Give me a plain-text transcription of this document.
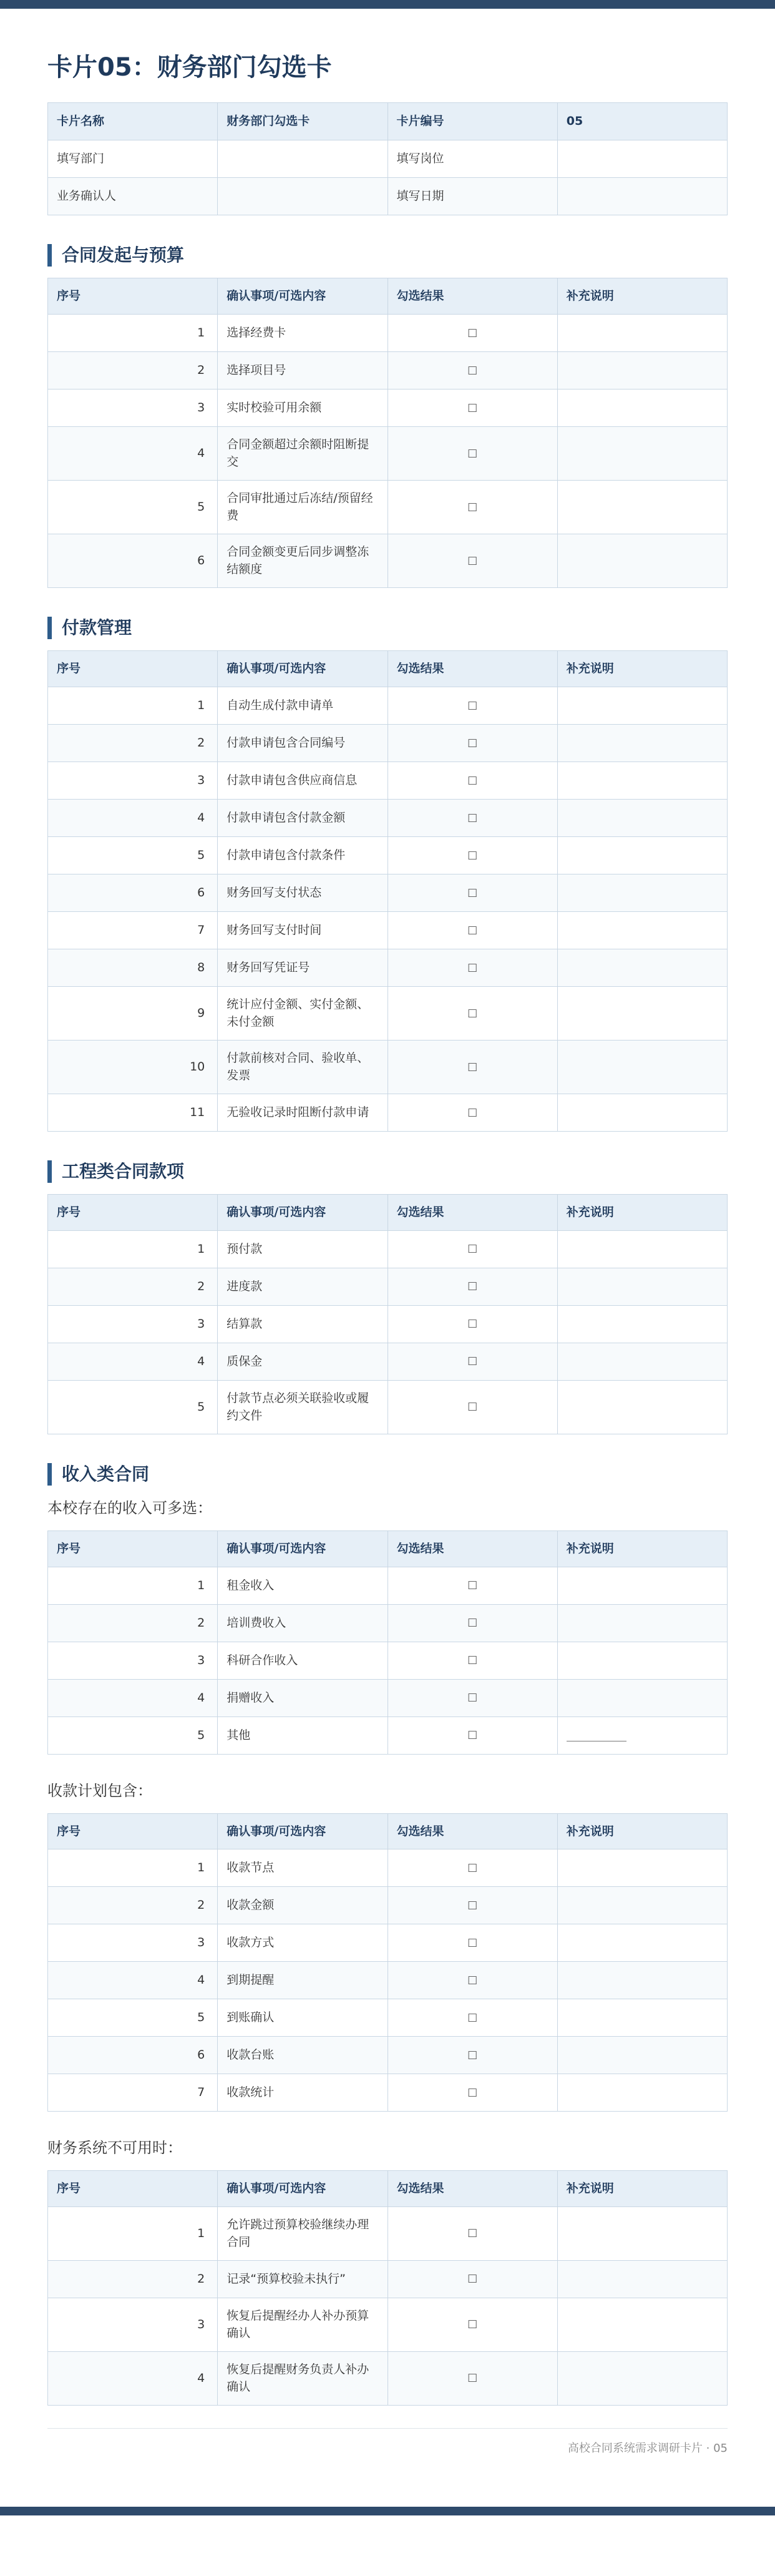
卡片05：财务部门勾选卡
卡片名称	财务部门勾选卡	卡片编号	05
填写部门		填写岗位	
业务确认人		填写日期	
合同发起与预算
序号	确认事项/可选内容	勾选结果	补充说明
1	选择经费卡	□	
2	选择项目号	□	
3	实时校验可用余额	□	
4	合同金额超过余额时阻断提交	□	
5	合同审批通过后冻结/预留经费	□	
6	合同金额变更后同步调整冻结额度	□	
付款管理
序号	确认事项/可选内容	勾选结果	补充说明
1	自动生成付款申请单	□	
2	付款申请包含合同编号	□	
3	付款申请包含供应商信息	□	
4	付款申请包含付款金额	□	
5	付款申请包含付款条件	□	
6	财务回写支付状态	□	
7	财务回写支付时间	□	
8	财务回写凭证号	□	
9	统计应付金额、实付金额、未付金额	□	
10	付款前核对合同、验收单、发票	□	
11	无验收记录时阻断付款申请	□	
工程类合同款项
序号	确认事项/可选内容	勾选结果	补充说明
1	预付款	□	
2	进度款	□	
3	结算款	□	
4	质保金	□	
5	付款节点必须关联验收或履约文件	□	
收入类合同
本校存在的收入可多选：
序号	确认事项/可选内容	勾选结果	补充说明
1	租金收入	□	
2	培训费收入	□	
3	科研合作收入	□	
4	捐赠收入	□	
5	其他	□	
收款计划包含：
序号	确认事项/可选内容	勾选结果	补充说明
1	收款节点	□	
2	收款金额	□	
3	收款方式	□	
4	到期提醒	□	
5	到账确认	□	
6	收款台账	□	
7	收款统计	□	
财务系统不可用时：
序号	确认事项/可选内容	勾选结果	补充说明
1	允许跳过预算校验继续办理合同	□	
2	记录“预算校验未执行”	□	
3	恢复后提醒经办人补办预算确认	□	
4	恢复后提醒财务负责人补办确认	□	
高校合同系统需求调研卡片 · 05
